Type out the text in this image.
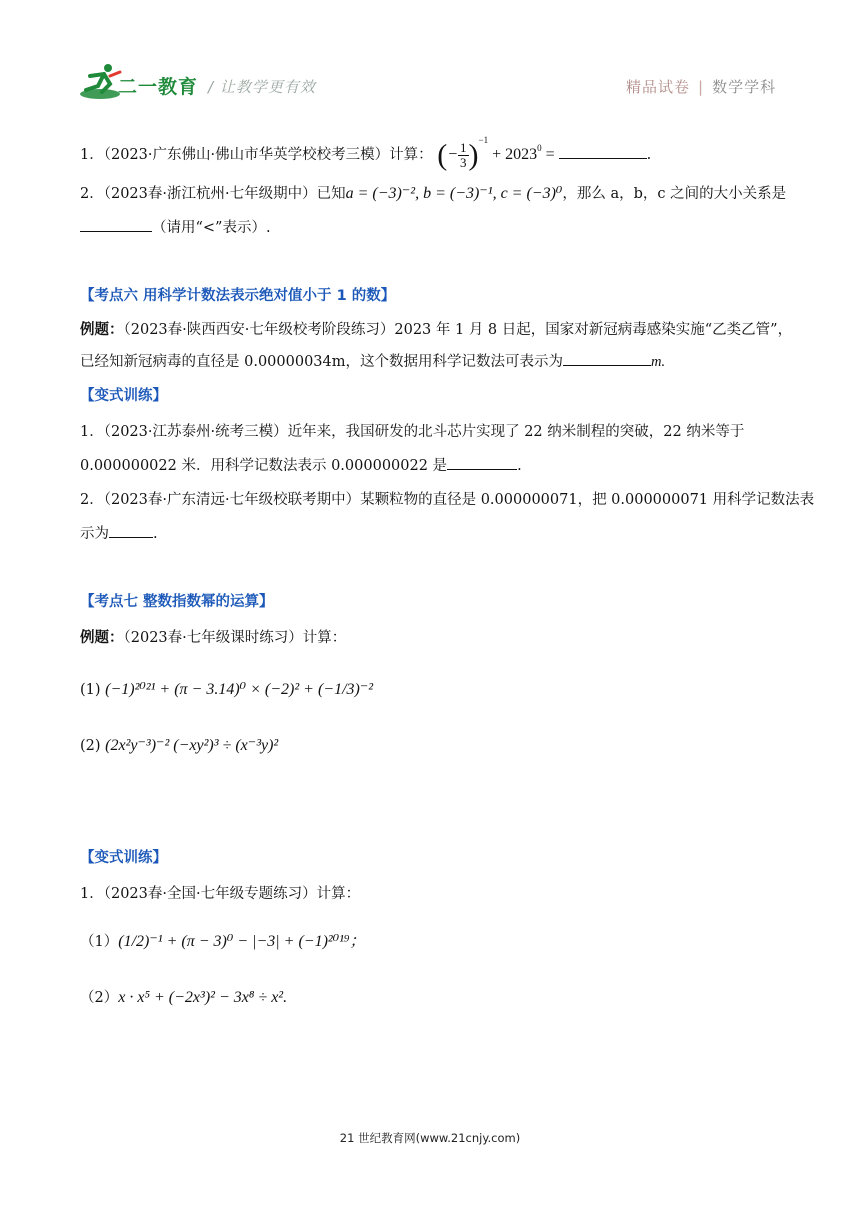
二一教育 / 让教学更有效	精品试卷 | 数学学科
1．（2023·广东佛山·佛山市华英学校校考三模）计算： (− $\frac{1}{3} )^{-1} + 2023^0$ =	.
2．（2023春·浙江杭州·七年级期中）已知a = (−3)⁻², b = (−3)⁻¹, c = (−3)⁰，那么 a，b，c 之间的大小关系是
（请用“<”表示）.
【考点六 用科学计数法表示绝对值小于 1 的数】
例题：（2023春·陕西西安·七年级校考阶段练习）2023 年 1 月 8 日起，国家对新冠病毒感染实施“乙类乙管”，
已经知新冠病毒的直径是 0.00000034m，这个数据用科学记数法可表示为	m.
【变式训练】
1．（2023·江苏泰州·统考三模）近年来，我国研发的北斗芯片实现了 22 纳米制程的突破，22 纳米等于
0.000000022 米．用科学记数法表示 0.000000022 是	.
2．（2023春·广东清远·七年级校联考期中）某颗粒物的直径是 0.000000071，把 0.000000071 用科学记数法表
示为	.
【考点七 整数指数幂的运算】
例题：（2023春·七年级课时练习）计算：
(1) (−1)²⁰²¹ + (π − 3.14)⁰ × (−2)² + (−1/3)⁻²
(2) (2x²y⁻³)⁻² (−xy²)³ ÷ (x⁻³y)²
【变式训练】
1．（2023春·全国·七年级专题练习）计算：
（1）(1/2)⁻¹ + (π − 3)⁰ − |−3| + (−1)²⁰¹⁹；
（2）x · x⁵ + (−2x³)² − 3x⁸ ÷ x².
21 世纪教育网(www.21cnjy.com)
